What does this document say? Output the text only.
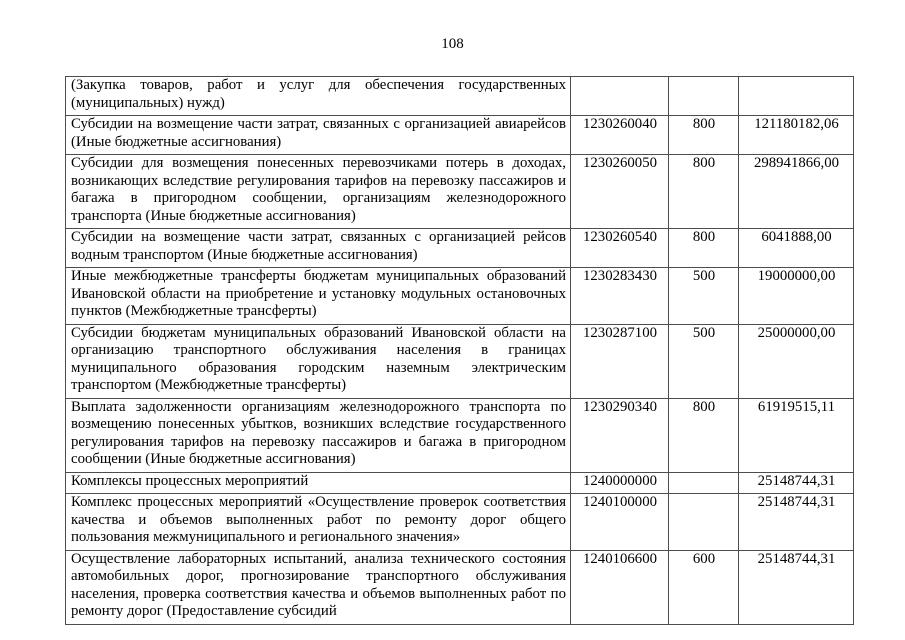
108
(Закупка товаров, работ и услуг для обеспечения государственных (муниципальных) нужд)			
Субсидии на возмещение части затрат, связанных с организацией авиарейсов (Иные бюджетные ассигнования)	1230260040	800	121180182,06
Субсидии для возмещения понесенных перевозчиками потерь в доходах, возникающих вследствие регулирования тарифов на перевозку пассажиров и багажа в пригородном сообщении, организациям железнодорожного транспорта (Иные бюджетные ассигнования)	1230260050	800	298941866,00
Субсидии на возмещение части затрат, связанных с организацией рейсов водным транспортом (Иные бюджетные ассигнования)	1230260540	800	6041888,00
Иные межбюджетные трансферты бюджетам муниципальных образований Ивановской области на приобретение и установку модульных остановочных пунктов (Межбюджетные трансферты)	1230283430	500	19000000,00
Субсидии бюджетам муниципальных образований Ивановской области на организацию транспортного обслуживания населения в границах муниципального образования городским наземным электрическим транспортом (Межбюджетные трансферты)	1230287100	500	25000000,00
Выплата задолженности организациям железнодорожного транспорта по возмещению понесенных убытков, возникших вследствие государственного регулирования тарифов на перевозку пассажиров и багажа в пригородном сообщении (Иные бюджетные ассигнования)	1230290340	800	61919515,11
Комплексы процессных мероприятий	1240000000		25148744,31
Комплекс процессных мероприятий «Осуществление проверок соответствия качества и объемов выполненных работ по ремонту дорог общего пользования межмуниципального и регионального значения»	1240100000		25148744,31
Осуществление лабораторных испытаний, анализа технического состояния автомобильных дорог, прогнозирование транспортного обслуживания населения, проверка соответствия качества и объемов выполненных работ по ремонту дорог (Предоставление субсидий	1240106600	600	25148744,31
